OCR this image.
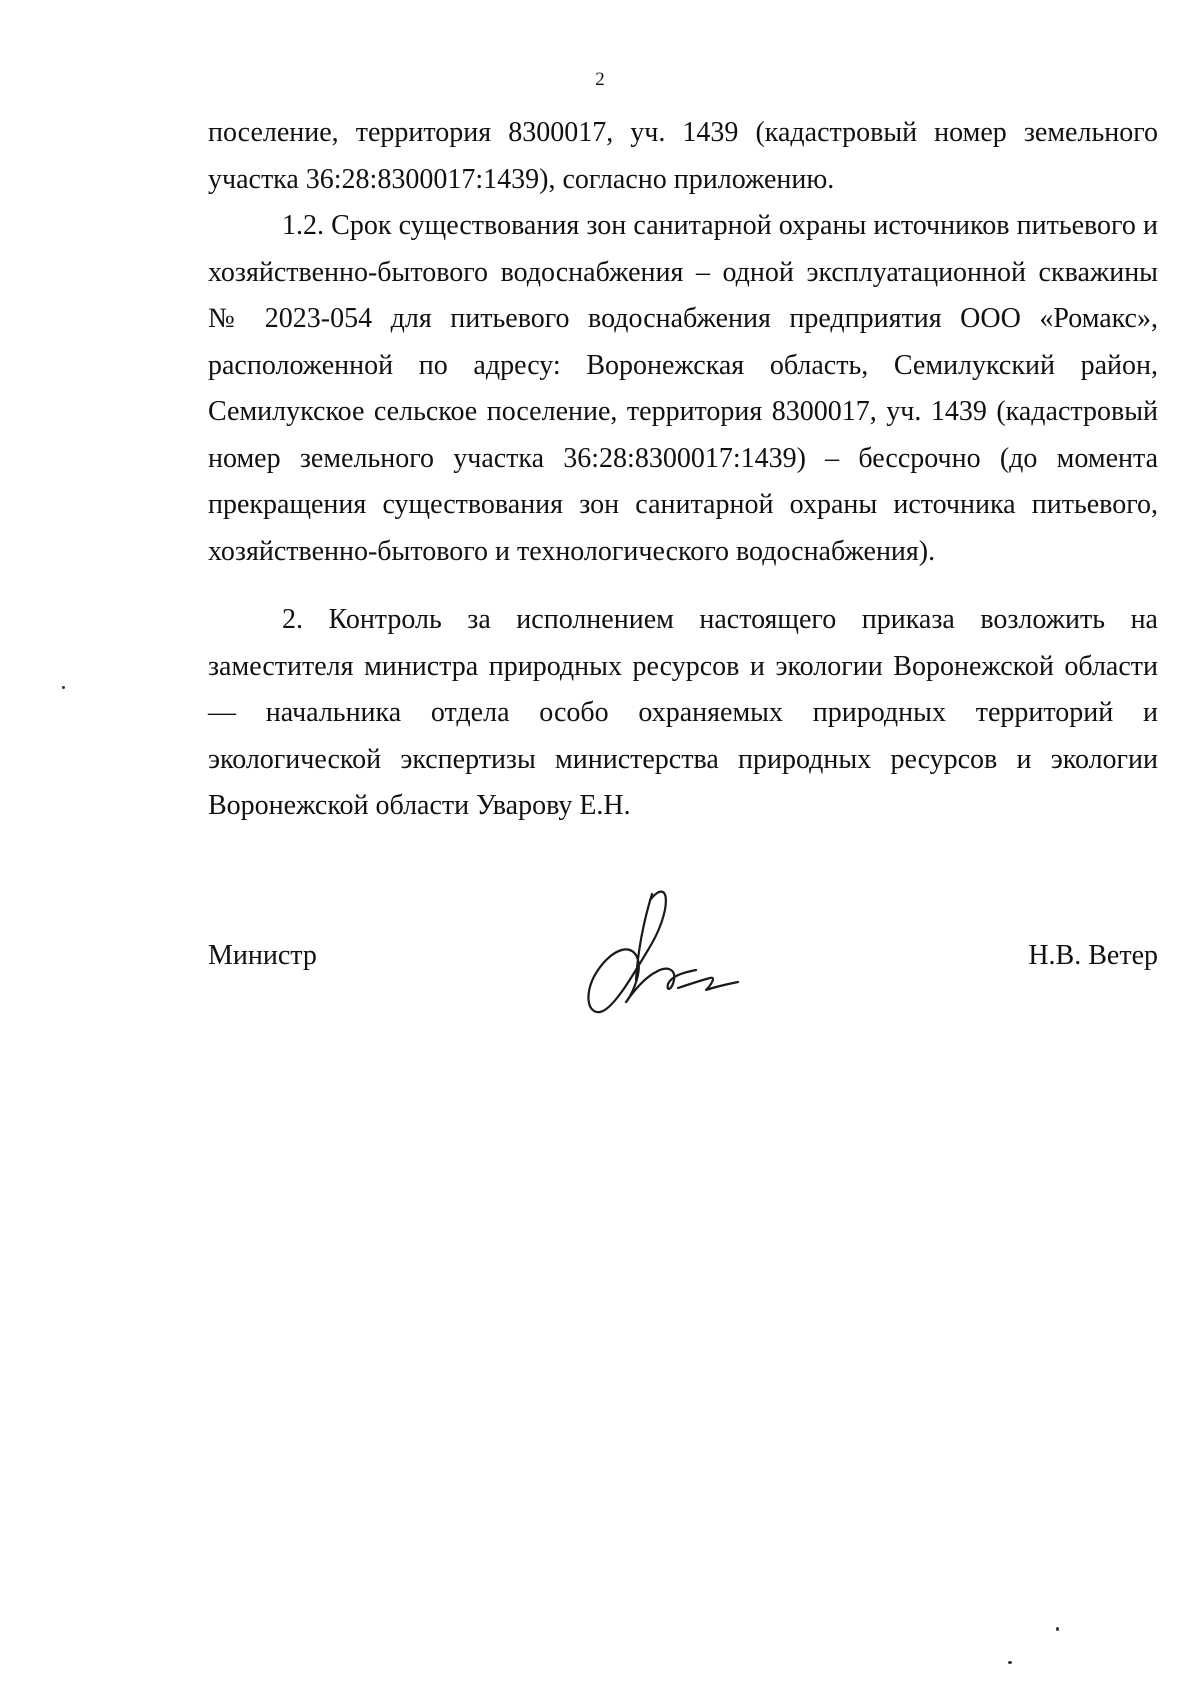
2

поселение, территория 8300017, уч. 1439 (кадастровый номер земельного участка 36:28:8300017:1439), согласно приложению.

1.2. Срок существования зон санитарной охраны источников питьевого и хозяйственно-бытового водоснабжения – одной эксплуатационной скважины № 2023-054 для питьевого водоснабжения предприятия ООО «Ромакс», расположенной по адресу: Воронежская область, Семилукский район, Семилукское сельское поселение, территория 8300017, уч. 1439 (кадастровый номер земельного участка 36:28:8300017:1439) – бессрочно (до момента прекращения существования зон санитарной охраны источника питьевого, хозяйственно-бытового и технологического водоснабжения).

2. Контроль за исполнением настоящего приказа возложить на заместителя министра природных ресурсов и экологии Воронежской области — начальника отдела особо охраняемых природных территорий и экологической экспертизы министерства природных ресурсов и экологии Воронежской области Уварову Е.Н.

Министр	Н.В. Ветер
